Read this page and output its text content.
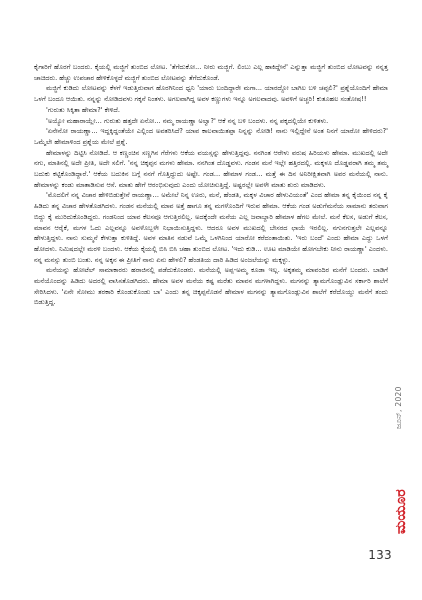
ಕೈಗಾರಿಗೆ ಹೊರಗೆ ಬಂದರು. ಕೈಯಲ್ಲಿ ಮಜ್ಜಿಗೆ ತುಂಬಿದ ಲೋಟ. 'ತೆಗೆದುಕೋ... ನೀರು ಮಜ್ಜಿಗೆ. ಲಿಂಬು ಎಲ್ಲ ಹಾಕಿದ್ದೇನೆ' ಎನ್ನುತ್ತಾ ಮಜ್ಜಿಗೆ ತುಂಬಿದ ಲೋಟವನ್ನು ನನ್ನತ್ತ ಚಾಚಿದರು. ಹೆಚ್ಚು ಉಪಚಾರ ಹೇಳಿಕೊಳ್ಳದೆ ಮಜ್ಜಿಗೆ ತುಂಬಿದ ಲೋಟವನ್ನು ತೆಗೆದುಕೊಂಡೆ.

ಮಜ್ಜಿಗೆ ಕುಡಿದು ಲೋಟವನ್ನು ಕೆಳಗೆ ಇಡುತ್ತಿರುವಾಗ ಹೊರಗಿನಿಂದ ಧ್ವನಿ 'ಯಾರು ಬಂದಿದ್ದಾರೇ ಮಗಾ... ಯಾರದ್ದೋ ಬಾಗಿಲ ಬಳಿ ಚಪ್ಪಲಿ?' ಪ್ರಶ್ನೆಯೊಂದಿಗೆ ಹೇಮಾ ಒಳಗೆ ಬಂದೂ ಆಯಿತು. ನನ್ನನ್ನು ನೋಡಿದವಳು ಗಕ್ಕನೆ ನಿಂತಳು. ಅಗಲವಾಗಿದ್ದ ಅವಳ ಕಣ್ಣುಗಳು ಇನ್ನೂ ಅಗಲವಾದವು. ಅವಳಿಗೆ ಅಚ್ಚರಿ! ಕುತೂಹಲ ಸಂತೋಷ!!

'ಗುರುತು ಸಿಕ್ಕಿತಾ ಹೇಮಾ?' ಕೇಳಿದೆ.

'ಅಯ್ಯೋ ಮಹಾರಾಯ್ಲೇ... ಗುರುತು ಹತ್ತದೇ ಏನೋ... ನಮ್ಮ ರಾಯಣ್ಣಾ ಅಲ್ವಾ?' ಆಕೆ ನನ್ನ ಬಳಿ ಬಂದಳು. ನನ್ನ ಪಕ್ಕದಲ್ಲಿಯೇ ಕುಳಿತಳು.

'ಏನೇನೋ ರಾಯಣ್ಣಾ... ಇದ್ದಕ್ಕಿದ್ದಂತೆಯೇ ಎಲ್ಲಿಂದ ಅವತರಿಸಿದೆ? ಯಾವ ಕಾಲವಾಯಿತಪ್ಪಾ ನಿನ್ನನ್ನು ನೋಡಿ! ನಾನು ಇಲ್ಲಿದ್ದೇನೆ ಅಂತ ನಿನಗೆ ಯಾರೋ ಹೇಳಿದರು?' ಒಮ್ಮೆಲೇ ಹೇಮಾಳಿಂದ ಪ್ರಶ್ನೆಯ ಮೇಲೆ ಪ್ರಶ್ನೆ.

ಹೇಮಾಳನ್ನು ದಿಟ್ಟಿಸಿ ನೋಡಿದೆ. ಆ ಕಣ್ಣಂಚಿನ ಸಣ್ಣಗಿನ ಗೆರೆಗಳು ಆಕೆಯ ವಯಸ್ಸನ್ನು ಹೇಳುತ್ತಿದ್ದವು. ನನಗಿಂತ ಆರೇಳು ವರುಷ ಹಿರಿಯಳು ಹೇಮಾ. ಮುಖದಲ್ಲಿ ಅದೇ ನಗು, ಮಾತಿನಲ್ಲಿ ಅದೇ ಪ್ರೀತಿ, ಅದೇ ಸಲಿಗೆ. 'ನನ್ನ ಚಿಕ್ಕಪ್ಪನ ಮಗಳು ಹೇಮಾ. ನನಗಿಂತ ದೊಡ್ಡವಳು. ಗಂಡನ ಮನೆ ಇಲ್ಲೇ ಹತ್ತಿರದಲ್ಲಿ. ಮಕ್ಕಳೂ ದೊಡ್ಡವರಾಗಿ ತಮ್ಮ ತಮ್ಮ ಬದುಕು ಕಟ್ಟಿಕೊಂಡಿದ್ದಾರೆ.' ಆಕೆಯ ಬದುಕಿನ ಬಗ್ಗೆ ನನಗೆ ಗೊತ್ತಿದ್ದುದು ಅಷ್ಟೇ. ಗಂಡ... ಹೇಮಾಳ ಗಂಡ... ಮತ್ತೆ ಈ ದಿನ ಅನಿರೀಕ್ಷಿತವಾಗಿ ಅವರ ಮನೆಯಲ್ಲಿ ನಾನು. ಹೇಮಾಳನ್ನು ಕಂಡು ಮಾತಾಡಿಸುವ ಆಸೆ. ಮಾತು ಹೇಗೆ ಆರಂಭಿಸುವುದು ಎಂದು ಯೋಚಿಸುತ್ತಿದ್ದೆ. ಅಷ್ಟರಲ್ಲೇ ಅವಳೇ ಮಾತು ಶುರು ಮಾಡಿದಳು.

'ಮೊದಲಿಗೆ ನನ್ನ ವಿಚಾರ ಹೇಳಿಬಿಡುತ್ತೇನೆ ರಾಯಣ್ಣಾ... ಅಮೇಲೆ ನಿನ್ನ ಊರು, ಮನೆ, ಹೆಂಡತಿ, ಮಕ್ಕಳ ವಿಚಾರ ಹೇಳುವಿಯಂತೆ' ಎಂದ ಹೇಮಾ ತನ್ನ ಕೈಯಿಂದ ನನ್ನ ಕೈ ಹಿಡಿದು ತನ್ನ ವಿಚಾರ ಹೇಳತೊಡಗಿದಳು. ಗಂಡನ ಮನೆಯಲ್ಲಿ ಮಾವ ಅತ್ತೆ ಹಾಗೂ ತನ್ನ ಮಗಳೊಂದಿಗೆ ಇರುವ ಹೇಮಾ. ಆಕೆಯ ಗಂಡ ಅಡುಗೆಮನೆಯ ಸಾಮಾನು ತರುವಾಗ ಬಿದ್ದು ಕೈ ಮುರಿದುಕೊಂಡಿದ್ದರು. ಗಂಡನಿಂದ ಯಾವ ಕೆಲಸವೂ ಆಗುತ್ತಿರಲಿಲ್ಲ. ಅದಕ್ಕೆಂದೇ ಮನೆಯ ಎಲ್ಲ ಜವಾಬ್ದಾರಿ ಹೇಮಾಳ ಹೆಗಲ ಮೇಲೆ. ಮನೆ ಕೆಲಸ, ಅಡುಗೆ ಕೆಲಸ, ಮಾವನ ಆರೈಕೆ, ಮಗಳ ಓದು ಎಲ್ಲವನ್ನೂ ಅವಳೊಬ್ಬಳೇ ನಿಭಾಯಿಸುತ್ತಿದ್ದಳು. ಆದರೂ ಅವಳ ಮುಖದಲ್ಲಿ ಬೇಸರದ ಛಾಯೆ ಇರಲಿಲ್ಲ. ನಗುನಗುತ್ತಲೇ ಎಲ್ಲವನ್ನೂ ಹೇಳುತ್ತಿದ್ದಳು. ನಾನು ಸುಮ್ಮನೆ ಕೇಳುತ್ತಾ ಕುಳಿತಿದ್ದೆ. ಅವಳ ಮಾತಿನ ನಡುವೆ ಒಮ್ಮೆ ಒಳಗಿನಿಂದ ಯಾರೋ ಕರೆದಂತಾಯಿತು. 'ಇರು ಬಂದೆ' ಎಂದು ಹೇಮಾ ಎದ್ದು ಒಳಗೆ ಹೋದಳು. ನಿಮಿಷದಲ್ಲೇ ಮರಳಿ ಬಂದಳು. ಆಕೆಯ ಕೈಯಲ್ಲಿ ಬಿಸಿ ಬಿಸಿ ಚಹಾ ತುಂಬಿದ ಲೋಟ. 'ಇದು ಕುಡಿ... ಊಟ ಮಾಡಿಯೇ ಹೋಗಬೇಕು ನೀನು ರಾಯಣ್ಣಾ' ಎಂದಳು. ನನ್ನ ಮನಸ್ಸು ತುಂಬಿ ಬಂತು. ನನ್ನ ಅಕ್ಕನ ಈ ಪ್ರೀತಿಗೆ ನಾನು ಏನು ಹೇಳಲಿ? ಹೆಂಡತಿಯ ದಾರಿ ಹಿಡಿದ ಅಂಜಲೆಯನ್ನು ಮಕ್ಕಳ್ಳು.

ಮನೆಯನ್ನು ಹೋಟೆಲ್ ಸಾಮಾಕಾರರು ಹರಾಜಿನಲ್ಲಿ ಪಡೆದುಕೊಂಡರು. ಮನೆಯಲ್ಲಿ ಅಪ್ಪ-ಅಮ್ಮ ಕೂಡಾ ಇಲ್ಲ. ಅಕ್ಕತಮ್ಮ ಮಾವಂದಿರ ಮನೆಗೆ ಬಂದರು. ಬಾಡಿಗೆ ಮನೆಯೊಂದನ್ನು ಹಿಡಿದು ಅದರಲ್ಲಿ ವಾಸಿಸತೊಡಗಿದರು. ಹೇಮಾ ಅವಳ ಮನೆಯ ಕಷ್ಟ ಮರೆತು ಮಾವನ ಮಗಳಾಗಿದ್ದಳು. ಮಗನನ್ನು ತ್ಯಾಮಗೊಂಡ್ಲುವಿನ ಸರ್ಕಾರಿ ಶಾಲೆಗೆ ಸೇರಿಸಿದಳು. 'ಏನೇ ಸೋಮು ತರಕಾರಿ ಕೊಂಡುಕೊಂಡು ಬಾ' ಎಂದು ತನ್ನ ಚಿಕ್ಕಪ್ಪನೊಡನೆ ಹೇಮಾಳ ಮಗನನ್ನು ತ್ಯಾಮಗೊಂಡ್ಲುವಿನ ಶಾಲೆಗೆ ಕರೆದೊಯ್ದು ಮನೆಗೆ ತಂದು ಬಿಡುತ್ತಿದ್ದ.

ಜೂನ್, 2020
ಮಯೂರ
133
